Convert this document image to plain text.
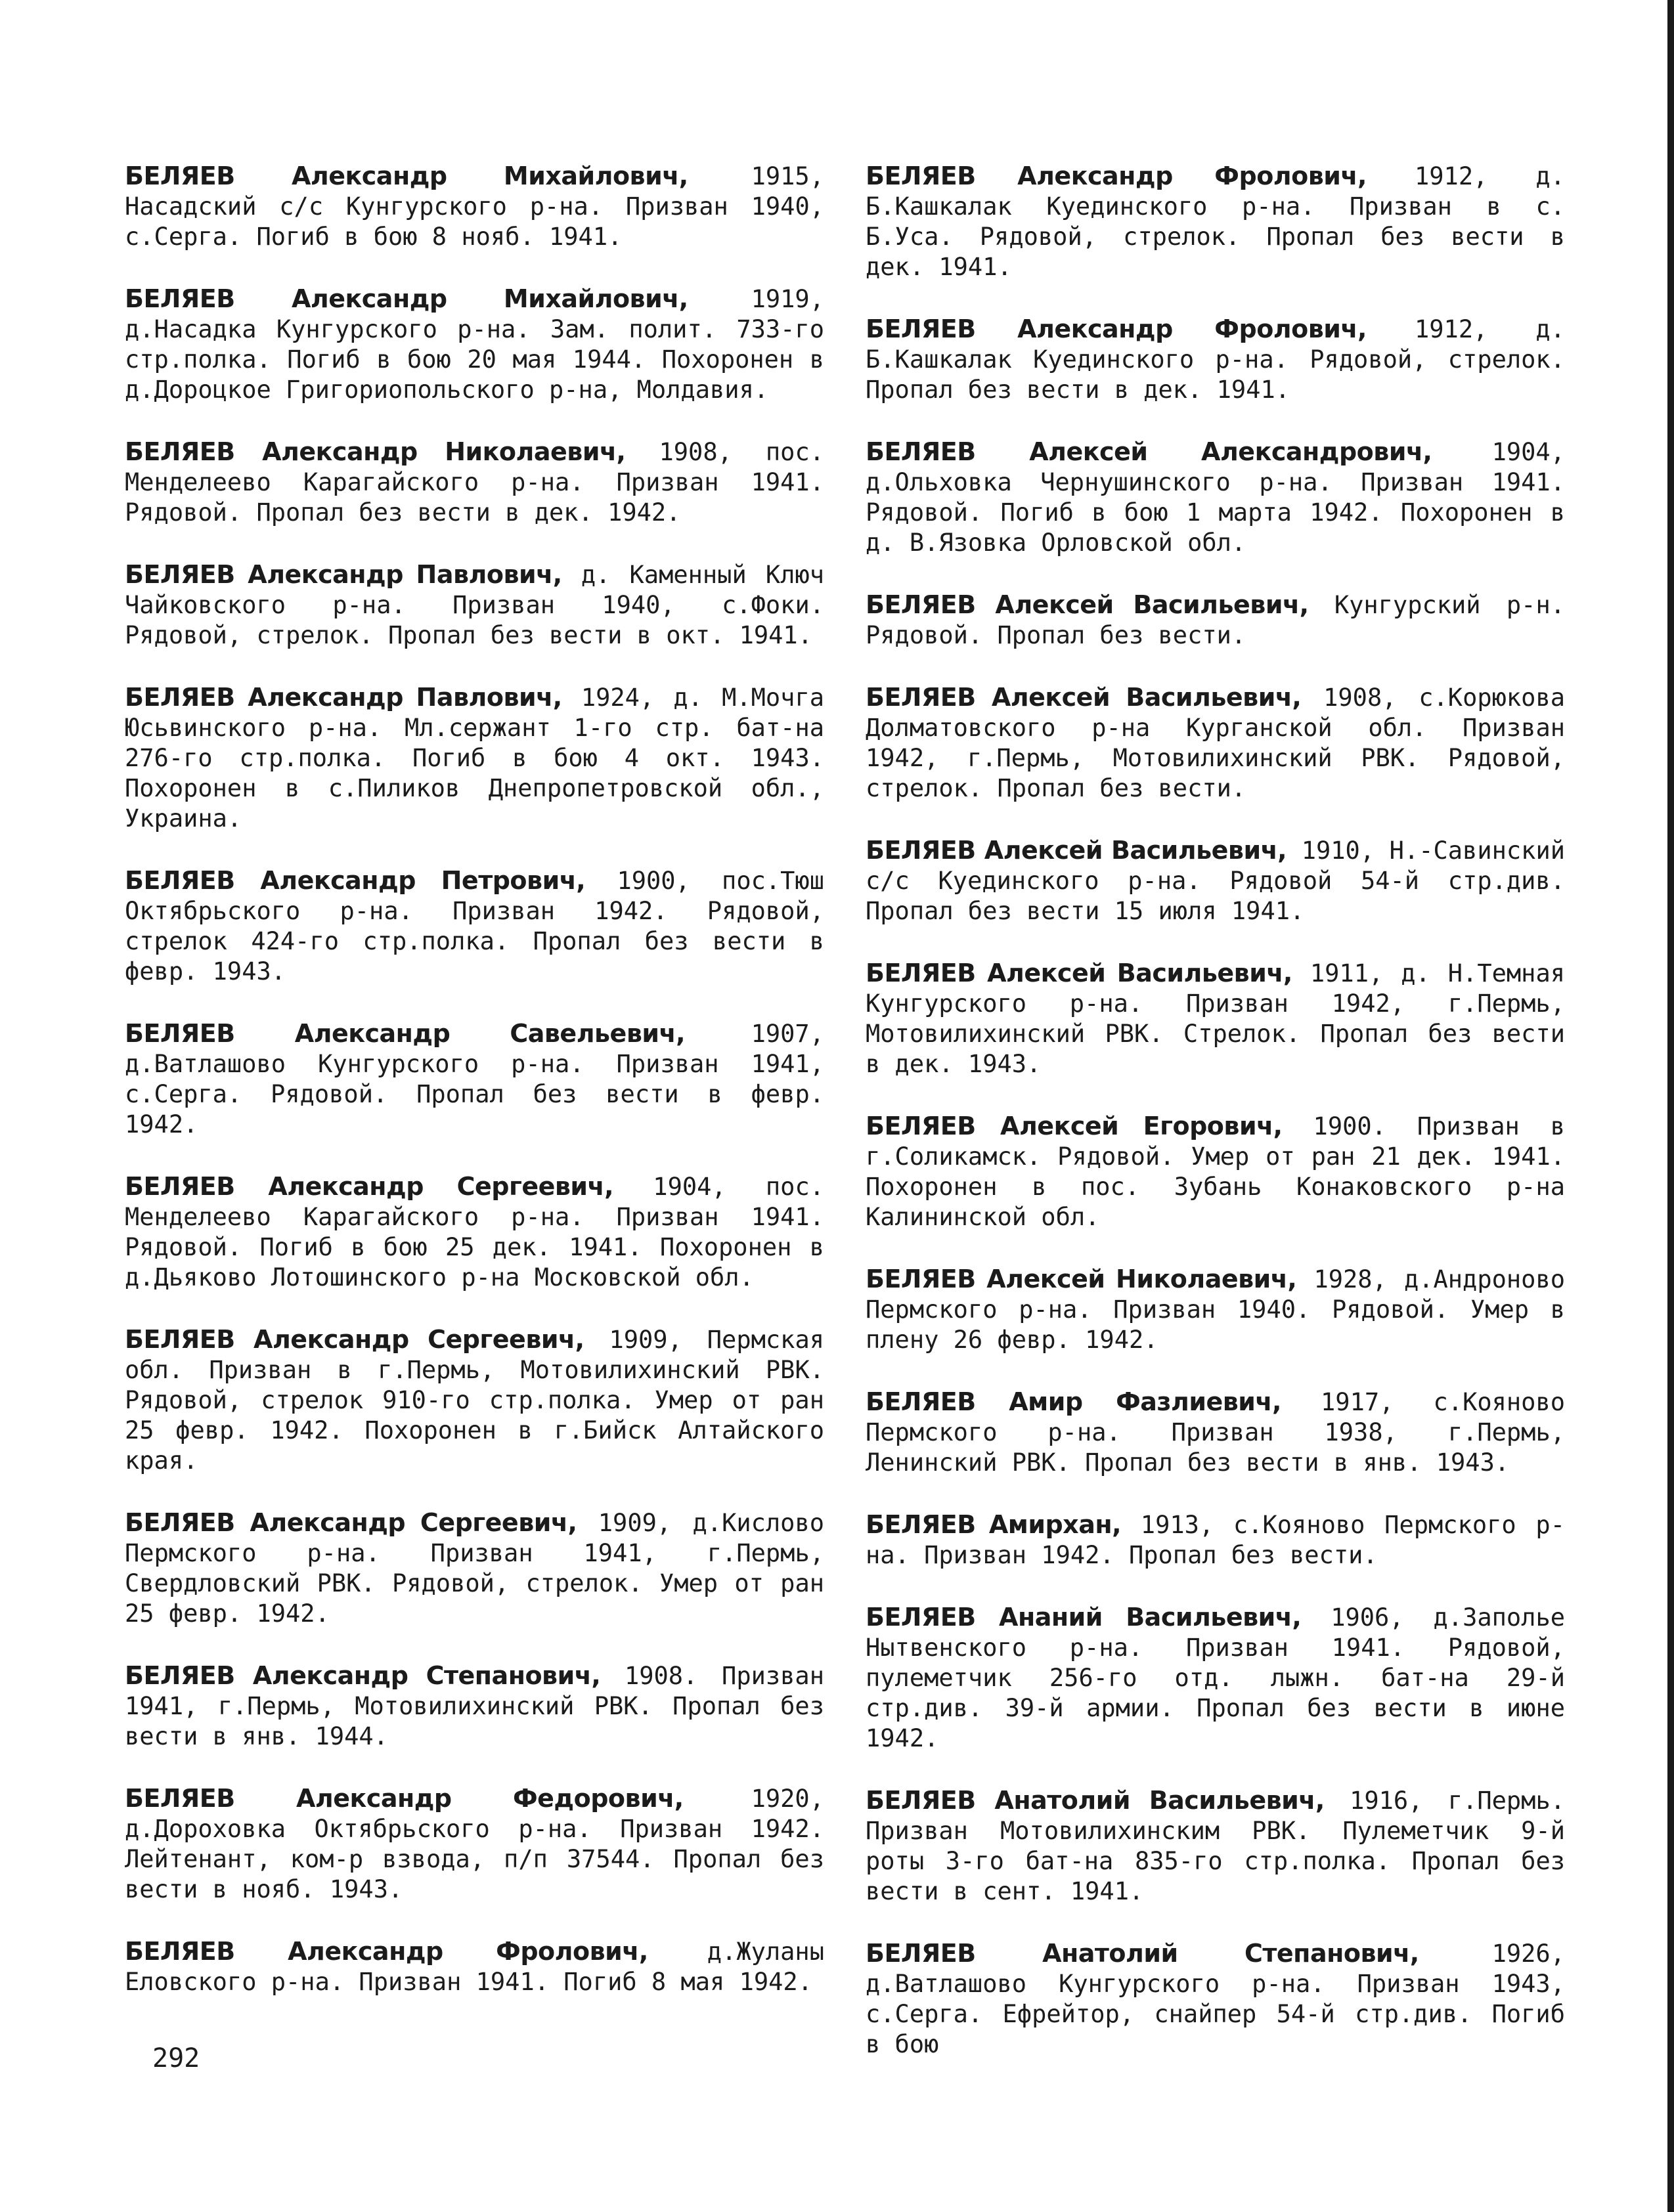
БЕЛЯЕВ Александр Михайлович,	1915, Насадский с/с Кунгурского р-на. Призван 1940, с.Серга. Погиб в бою 8 нояб. 1941.

БЕЛЯЕВ Александр Михайлович,	1919, д.Насадка Кунгурского р-на. Зам. полит. 733-го стр.полка. Погиб в бою 20 мая 1944. Похоронен в д.Дороцкое Григориопольского р-на, Молдавия.

БЕЛЯЕВ Александр Николаевич, 1908, пос. Менделеево Карагайского р-на. Призван 1941. Рядовой. Пропал без вести в дек. 1942.

БЕЛЯЕВ Александр Павлович, д. Каменный Ключ Чайковского р-на. Призван 1940, с.Фоки. Рядовой, стрелок. Пропал без вести в окт. 1941.

БЕЛЯЕВ Александр Павлович, 1924, д. М.Мочга Юсьвинского р-на. Мл.сержант 1-го стр. бат-на 276-го стр.полка. Погиб в бою 4 окт. 1943. Похоронен в с.Пиликов Днепропетровской обл., Украина.

БЕЛЯЕВ Александр Петрович, 1900, пос.Тюш Октябрьского р-на. Призван 1942. Рядовой, стрелок 424-го стр.полка. Пропал без вести в февр. 1943.

БЕЛЯЕВ Александр Савельевич,	1907, д.Ватлашово Кунгурского р-на. Призван 1941, с.Серга. Рядовой. Пропал без вести в февр. 1942.

БЕЛЯЕВ Александр Сергеевич, 1904, пос. Менделеево Карагайского р-на. Призван 1941. Рядовой. Погиб в бою 25 дек. 1941. Похоронен в д.Дьяково Лотошинского р-на Московской обл.

БЕЛЯЕВ Александр Сергеевич, 1909, Пермская обл. Призван в г.Пермь, Мотовилихинский РВК. Рядовой, стрелок 910-го стр.полка. Умер от ран 25 февр. 1942. Похоронен в г.Бийск Алтайского края.

БЕЛЯЕВ Александр Сергеевич, 1909, д.Кислово Пермского р-на. Призван 1941, г.Пермь, Свердловский РВК. Рядовой, стрелок. Умер от ран 25 февр. 1942.

БЕЛЯЕВ Александр Степанович, 1908. Призван 1941, г.Пермь, Мотовилихинский РВК. Пропал без вести в янв. 1944.

БЕЛЯЕВ Александр Федорович,	1920, д.Дороховка Октябрьского р-на. Призван 1942. Лейтенант, ком-р взвода, п/п 37544. Пропал без вести в нояб. 1943.

БЕЛЯЕВ Александр Фролович, д.Жуланы Еловского р-на. Призван 1941. Погиб 8 мая 1942.

БЕЛЯЕВ Александр Фролович, 1912, д. Б.Кашкалак Куединского р-на. Призван в с. Б.Уса. Рядовой, стрелок. Пропал без вести в дек. 1941.

БЕЛЯЕВ Александр Фролович, 1912, д. Б.Кашкалак Куединского р-на. Рядовой, стрелок. Пропал без вести в дек. 1941.

БЕЛЯЕВ Алексей Александрович, 1904, д.Ольховка Чернушинского р-на. Призван 1941. Рядовой. Погиб в бою 1 марта 1942. Похоронен в д. В.Язовка Орловской обл.

БЕЛЯЕВ Алексей Васильевич, Кунгурский р-н. Рядовой. Пропал без вести.

БЕЛЯЕВ Алексей Васильевич, 1908, с.Корюкова Долматовского р-на Курганской обл. Призван 1942, г.Пермь, Мотовилихинский РВК. Рядовой, стрелок. Пропал без вести.

БЕЛЯЕВ Алексей Васильевич, 1910, Н.-Савинский с/с Куединского р-на. Рядовой 54-й стр.див. Пропал без вести 15 июля 1941.

БЕЛЯЕВ Алексей Васильевич, 1911, д. Н.Темная Кунгурского р-на. Призван 1942, г.Пермь, Мотовилихинский РВК. Стрелок. Пропал без вести в дек. 1943.

БЕЛЯЕВ Алексей Егорович, 1900. Призван в г.Соликамск. Рядовой. Умер от ран 21 дек. 1941. Похоронен в пос. Зубань Конаковского р-на Калининской обл.

БЕЛЯЕВ Алексей Николаевич, 1928, д.Андроново Пермского р-на. Призван 1940. Рядовой. Умер в плену 26 февр. 1942.

БЕЛЯЕВ Амир Фазлиевич, 1917, с.Кояново Пермского р-на. Призван 1938, г.Пермь, Ленинский РВК. Пропал без вести в янв. 1943.

БЕЛЯЕВ Амирхан, 1913, с.Кояново Пермского р-на. Призван 1942. Пропал без вести.

БЕЛЯЕВ Ананий Васильевич, 1906, д.Заполье Нытвенского р-на. Призван 1941. Рядовой, пулеметчик 256-го отд. лыжн. бат-на 29-й стр.див. 39-й армии. Пропал без вести в июне 1942.

БЕЛЯЕВ Анатолий Васильевич, 1916, г.Пермь. Призван Мотовилихинским РВК. Пулеметчик 9-й роты 3-го бат-на 835-го стр.полка. Пропал без вести в сент. 1941.

БЕЛЯЕВ Анатолий Степанович,	1926, д.Ватлашово Кунгурского р-на. Призван 1943, с.Серга. Ефрейтор, снайпер 54-й стр.див. Погиб в бою

292
